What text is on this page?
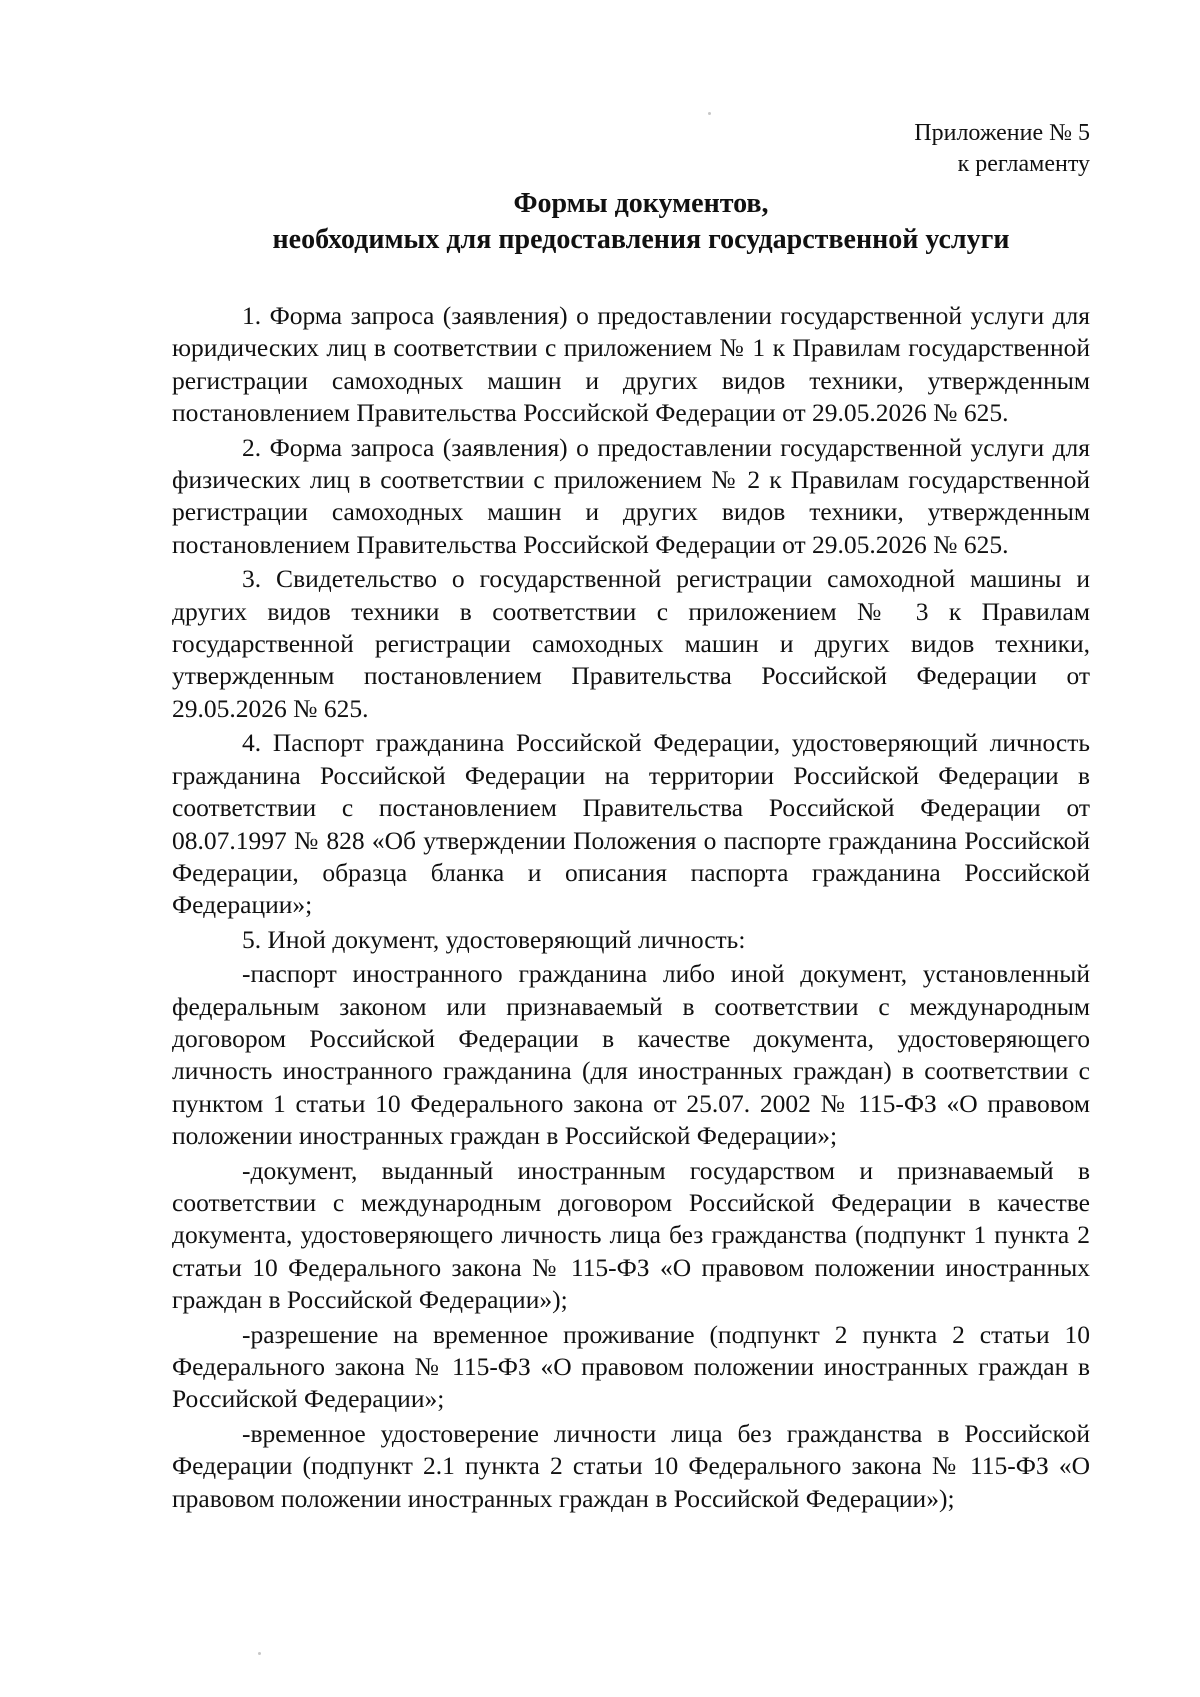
Приложение № 5
к регламенту
Формы документов,
необходимых для предоставления государственной услуги

1. Форма запроса (заявления) о предоставлении государственной услуги для юридических лиц в соответствии с приложением № 1 к Правилам государственной регистрации самоходных машин и других видов техники, утвержденным постановлением Правительства Российской Федерации от 29.05.2026 № 625.

2. Форма запроса (заявления) о предоставлении государственной услуги для физических лиц в соответствии с приложением № 2 к Правилам государственной регистрации самоходных машин и других видов техники, утвержденным постановлением Правительства Российской Федерации от 29.05.2026 № 625.

3. Свидетельство о государственной регистрации самоходной машины и других видов техники в соответствии с приложением № 3 к Правилам государственной регистрации самоходных машин и других видов техники, утвержденным постановлением Правительства Российской Федерации от 29.05.2026 № 625.

4. Паспорт гражданина Российской Федерации, удостоверяющий личность гражданина Российской Федерации на территории Российской Федерации в соответствии с постановлением Правительства Российской Федерации от 08.07.1997 № 828 «Об утверждении Положения о паспорте гражданина Российской Федерации, образца бланка и описания паспорта гражданина Российской Федерации»;

5. Иной документ, удостоверяющий личность:

-паспорт иностранного гражданина либо иной документ, установленный федеральным законом или признаваемый в соответствии с международным договором Российской Федерации в качестве документа, удостоверяющего личность иностранного гражданина (для иностранных граждан) в соответствии с пунктом 1 статьи 10 Федерального закона от 25.07. 2002 № 115-ФЗ «О правовом положении иностранных граждан в Российской Федерации»;

-документ, выданный иностранным государством и признаваемый в соответствии с международным договором Российской Федерации в качестве документа, удостоверяющего личность лица без гражданства (подпункт 1 пункта 2 статьи 10 Федерального закона № 115-ФЗ «О правовом положении иностранных граждан в Российской Федерации»);

-разрешение на временное проживание (подпункт 2 пункта 2 статьи 10 Федерального закона № 115-ФЗ «О правовом положении иностранных граждан в Российской Федерации»;

-временное удостоверение личности лица без гражданства в Российской Федерации (подпункт 2.1 пункта 2 статьи 10 Федерального закона № 115-ФЗ «О правовом положении иностранных граждан в Российской Федерации»);
